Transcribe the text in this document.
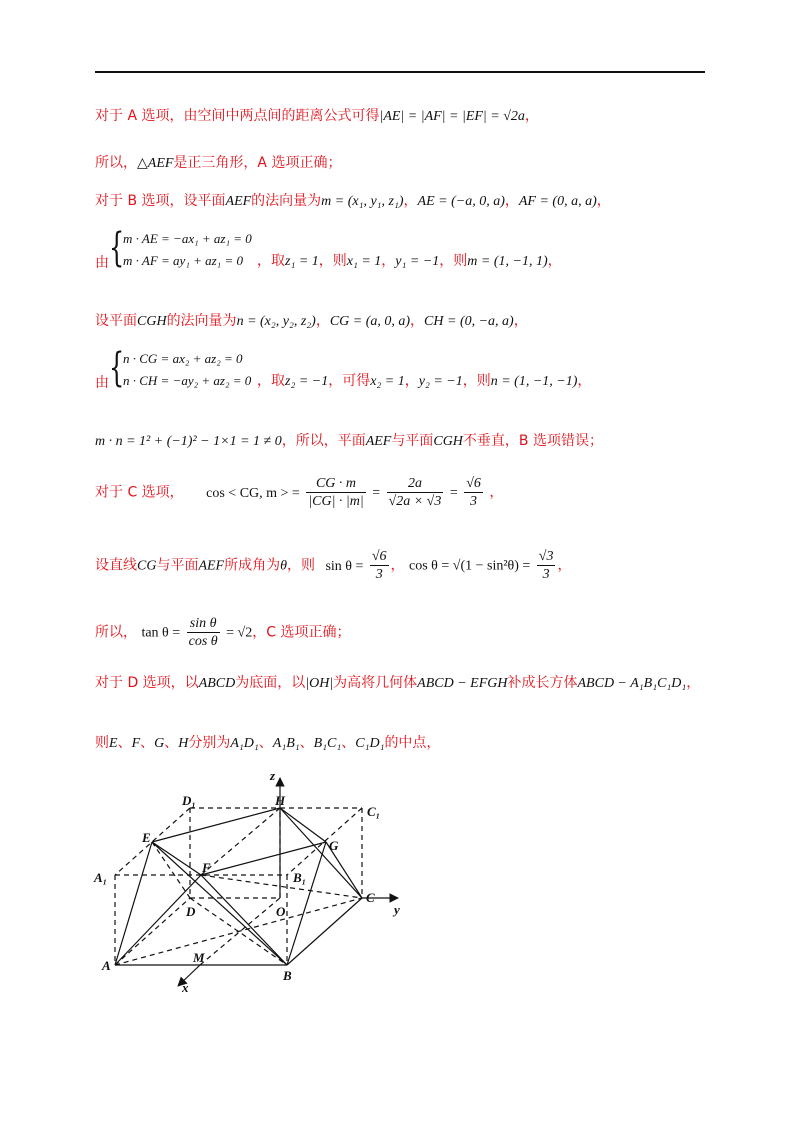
对于 A 选项，由空间中两点间的距离公式可得|AE| = |AF| = |EF| = √2a，
所以，△AEF是正三角形，A 选项正确；
对于 B 选项，设平面AEF的法向量为m = (x₁, y₁, z₁)，AE = (−a, 0, a)，AF = (0, a, a)，
由 {
m · AE = −ax₁ + az₁ = 0
m · AF = ay₁ + az₁ = 0 ，取z₁ = 1，则x₁ = 1，y₁ = −1，则m = (1, −1, 1)，
设平面CGH的法向量为n = (x₂, y₂, z₂)，CG = (a, 0, a)，CH = (0, −a, a)，
由 {
n · CG = ax₂ + az₂ = 0
n · CH = −ay₂ + az₂ = 0 ，取z₂ = −1，可得x₂ = 1，y₂ = −1，则n = (1, −1, −1)，
m · n = 1² + (−1)² − 1×1 = 1 ≠ 0，所以，平面AEF与平面CGH不垂直，B 选项错误；
对于 C 选项， cos < CG, m > = $\frac{CG \cdot m}{|CG| \cdot |m|} = \frac{2a}{√2a \times √3} = \frac{√6}{3}$ ，
设直线CG与平面AEF所成角为θ，则 $\sin \theta = \frac{√6}{3}$ ， $\cos \theta = √(1 - \sin^2\theta) = \frac{√3}{3}$ ，
所以， $\tan \theta = \frac{\text{sin θ}}{\text{cos θ}} = √2$，C 选项正确；
对于 D 选项，以ABCD为底面，以|OH|为高将几何体ABCD − EFGH补成长方体ABCD − A₁B₁C₁D₁，
则E、F、G、H分别为A₁D₁、A₁B₁、B₁C₁、C₁D₁的中点，
z
y
x
D₁	H
C₁
E
G
F
A₁	B₁
D	O
C
A
M
B
